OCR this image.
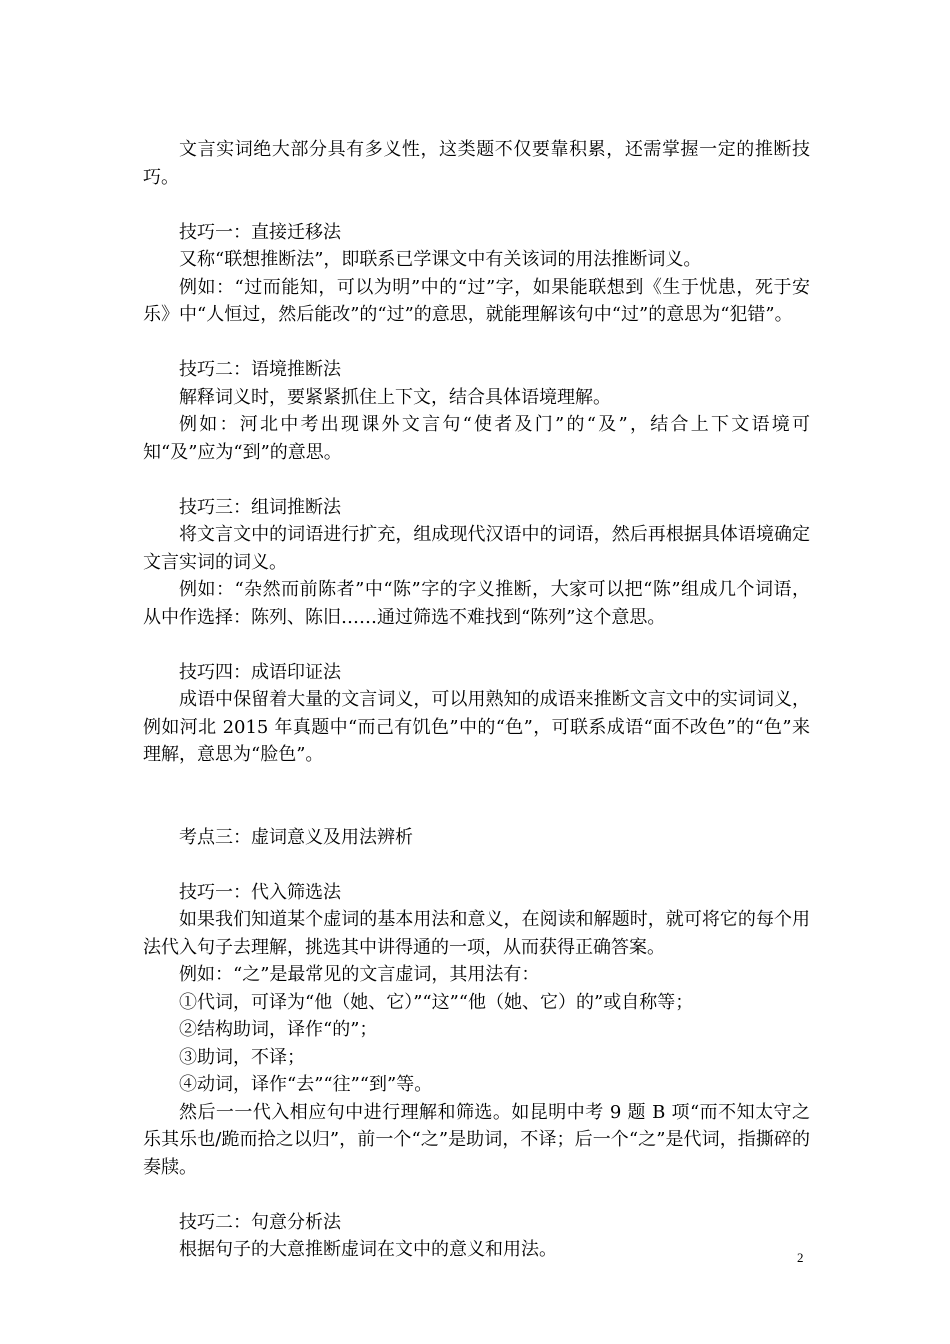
文言实词绝大部分具有多义性，这类题不仅要靠积累，还需掌握一定的推断技巧。

技巧一：直接迁移法

又称“联想推断法”，即联系已学课文中有关该词的用法推断词义。

例如：“过而能知，可以为明”中的“过”字，如果能联想到《生于忧患，死于安乐》中“人恒过，然后能改”的“过”的意思，就能理解该句中“过”的意思为“犯错”。

技巧二：语境推断法

解释词义时，要紧紧抓住上下文，结合具体语境理解。

例如：河北中考出现课外文言句“使者及门”的“及”，结合上下文语境可知“及”应为“到”的意思。

技巧三：组词推断法

将文言文中的词语进行扩充，组成现代汉语中的词语，然后再根据具体语境确定文言实词的词义。

例如：“杂然而前陈者”中“陈”字的字义推断，大家可以把“陈”组成几个词语，从中作选择：陈列、陈旧……通过筛选不难找到“陈列”这个意思。

技巧四：成语印证法

成语中保留着大量的文言词义，可以用熟知的成语来推断文言文中的实词词义，例如河北 2015 年真题中“而己有饥色”中的“色”，可联系成语“面不改色”的“色”来理解，意思为“脸色”。

考点三：虚词意义及用法辨析

技巧一：代入筛选法

如果我们知道某个虚词的基本用法和意义，在阅读和解题时，就可将它的每个用法代入句子去理解，挑选其中讲得通的一项，从而获得正确答案。

例如：“之”是最常见的文言虚词，其用法有：

①代词，可译为“他（她、它）”“这”“他（她、它）的”或自称等；

②结构助词，译作“的”；

③助词，不译；

④动词，译作“去”“往”“到”等。

然后一一代入相应句中进行理解和筛选。如昆明中考 9 题 B 项“而不知太守之乐其乐也/跪而拾之以归”，前一个“之”是助词，不译；后一个“之”是代词，指撕碎的奏牍。

技巧二：句意分析法

根据句子的大意推断虚词在文中的意义和用法。	2
